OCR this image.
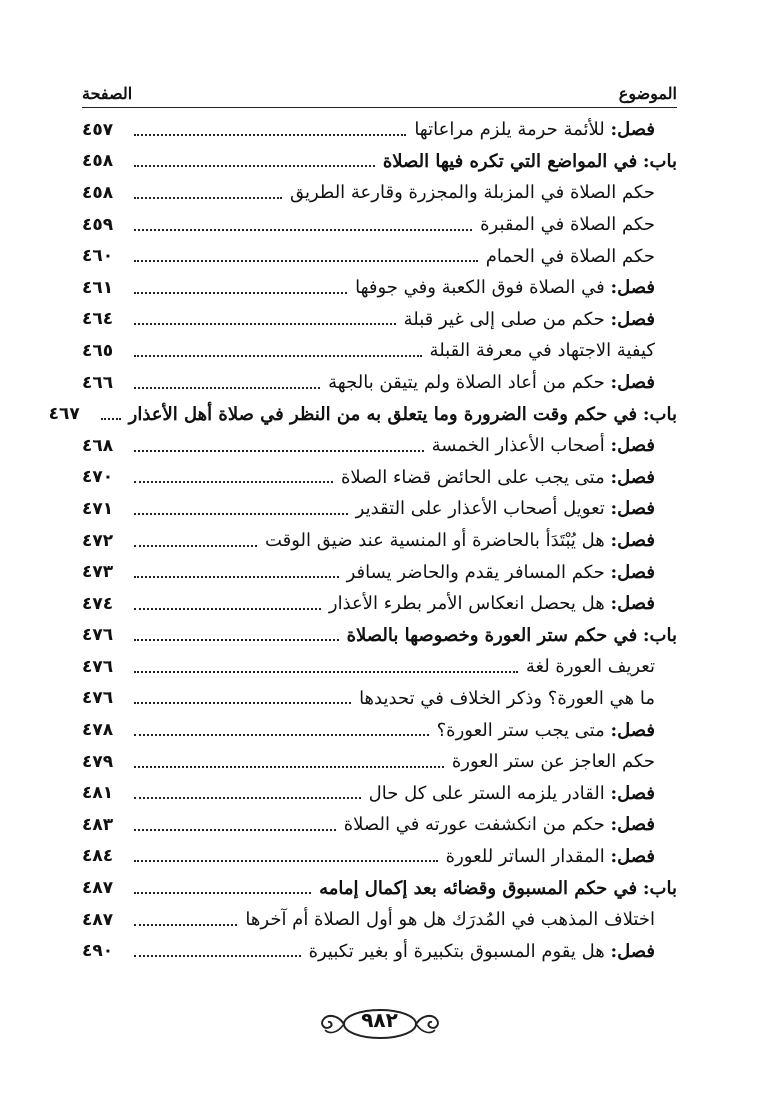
الموضوع
الصفحة
فصل: للأئمة حرمة يلزم مراعاتها
٤٥٧
باب: في المواضع التي تكره فيها الصلاة
٤٥٨
حكم الصلاة في المزبلة والمجزرة وقارعة الطريق
٤٥٨
حكم الصلاة في المقبرة
٤٥٩
حكم الصلاة في الحمام
٤٦٠
فصل: في الصلاة فوق الكعبة وفي جوفها
٤٦١
فصل: حكم من صلى إلى غير قبلة
٤٦٤
كيفية الاجتهاد في معرفة القبلة
٤٦٥
فصل: حكم من أعاد الصلاة ولم يتيقن بالجهة
٤٦٦
باب: في حكم وقت الضرورة وما يتعلق به من النظر في صلاة أهل الأعذار
٤٦٧
فصل: أصحاب الأعذار الخمسة
٤٦٨
فصل: متى يجب على الحائض قضاء الصلاة
٤٧٠
فصل: تعويل أصحاب الأعذار على التقدير
٤٧١
فصل: هل يُبْتَدَأ بالحاضرة أو المنسية عند ضيق الوقت
٤٧٢
فصل: حكم المسافر يقدم والحاضر يسافر
٤٧٣
فصل: هل يحصل انعكاس الأمر بطرء الأعذار
٤٧٤
باب: في حكم ستر العورة وخصوصها بالصلاة
٤٧٦
تعريف العورة لغة
٤٧٦
ما هي العورة؟ وذكر الخلاف في تحديدها
٤٧٦
فصل: متى يجب ستر العورة؟
٤٧٨
حكم العاجز عن ستر العورة
٤٧٩
فصل: القادر يلزمه الستر على كل حال
٤٨١
فصل: حكم من انكشفت عورته في الصلاة
٤٨٣
فصل: المقدار الساتر للعورة
٤٨٤
باب: في حكم المسبوق وقضائه بعد إكمال إمامه
٤٨٧
اختلاف المذهب في المُدرَك هل هو أول الصلاة أم آخرها
٤٨٧
فصل: هل يقوم المسبوق بتكبيرة أو بغير تكبيرة
٤٩٠
٩٨٢
